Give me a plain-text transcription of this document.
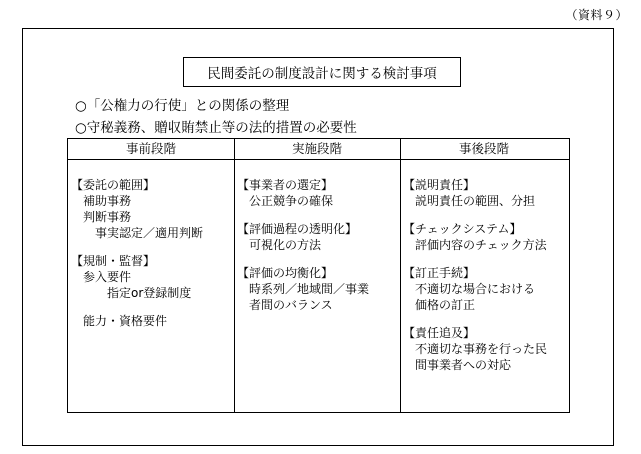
（資料９）
民間委託の制度設計に関する検討事項
○「公権力の行使」との関係の整理
○守秘義務、贈収賄禁止等の法的措置の必要性
事前段階	実施段階	事後段階
【委託の範囲】
補助事務
判断事務
事実認定／適用判断
【規制・監督】
参入要件
指定or登録制度
能力・資格要件
【事業者の選定】
公正競争の確保
【評価過程の透明化】
可視化の方法
【評価の均衡化】
時系列／地域間／事業
者間のバランス
【説明責任】
説明責任の範囲、分担
【チェックシステム】
評価内容のチェック方法
【訂正手続】
不適切な場合における
価格の訂正
【責任追及】
不適切な事務を行った民
間事業者への対応
